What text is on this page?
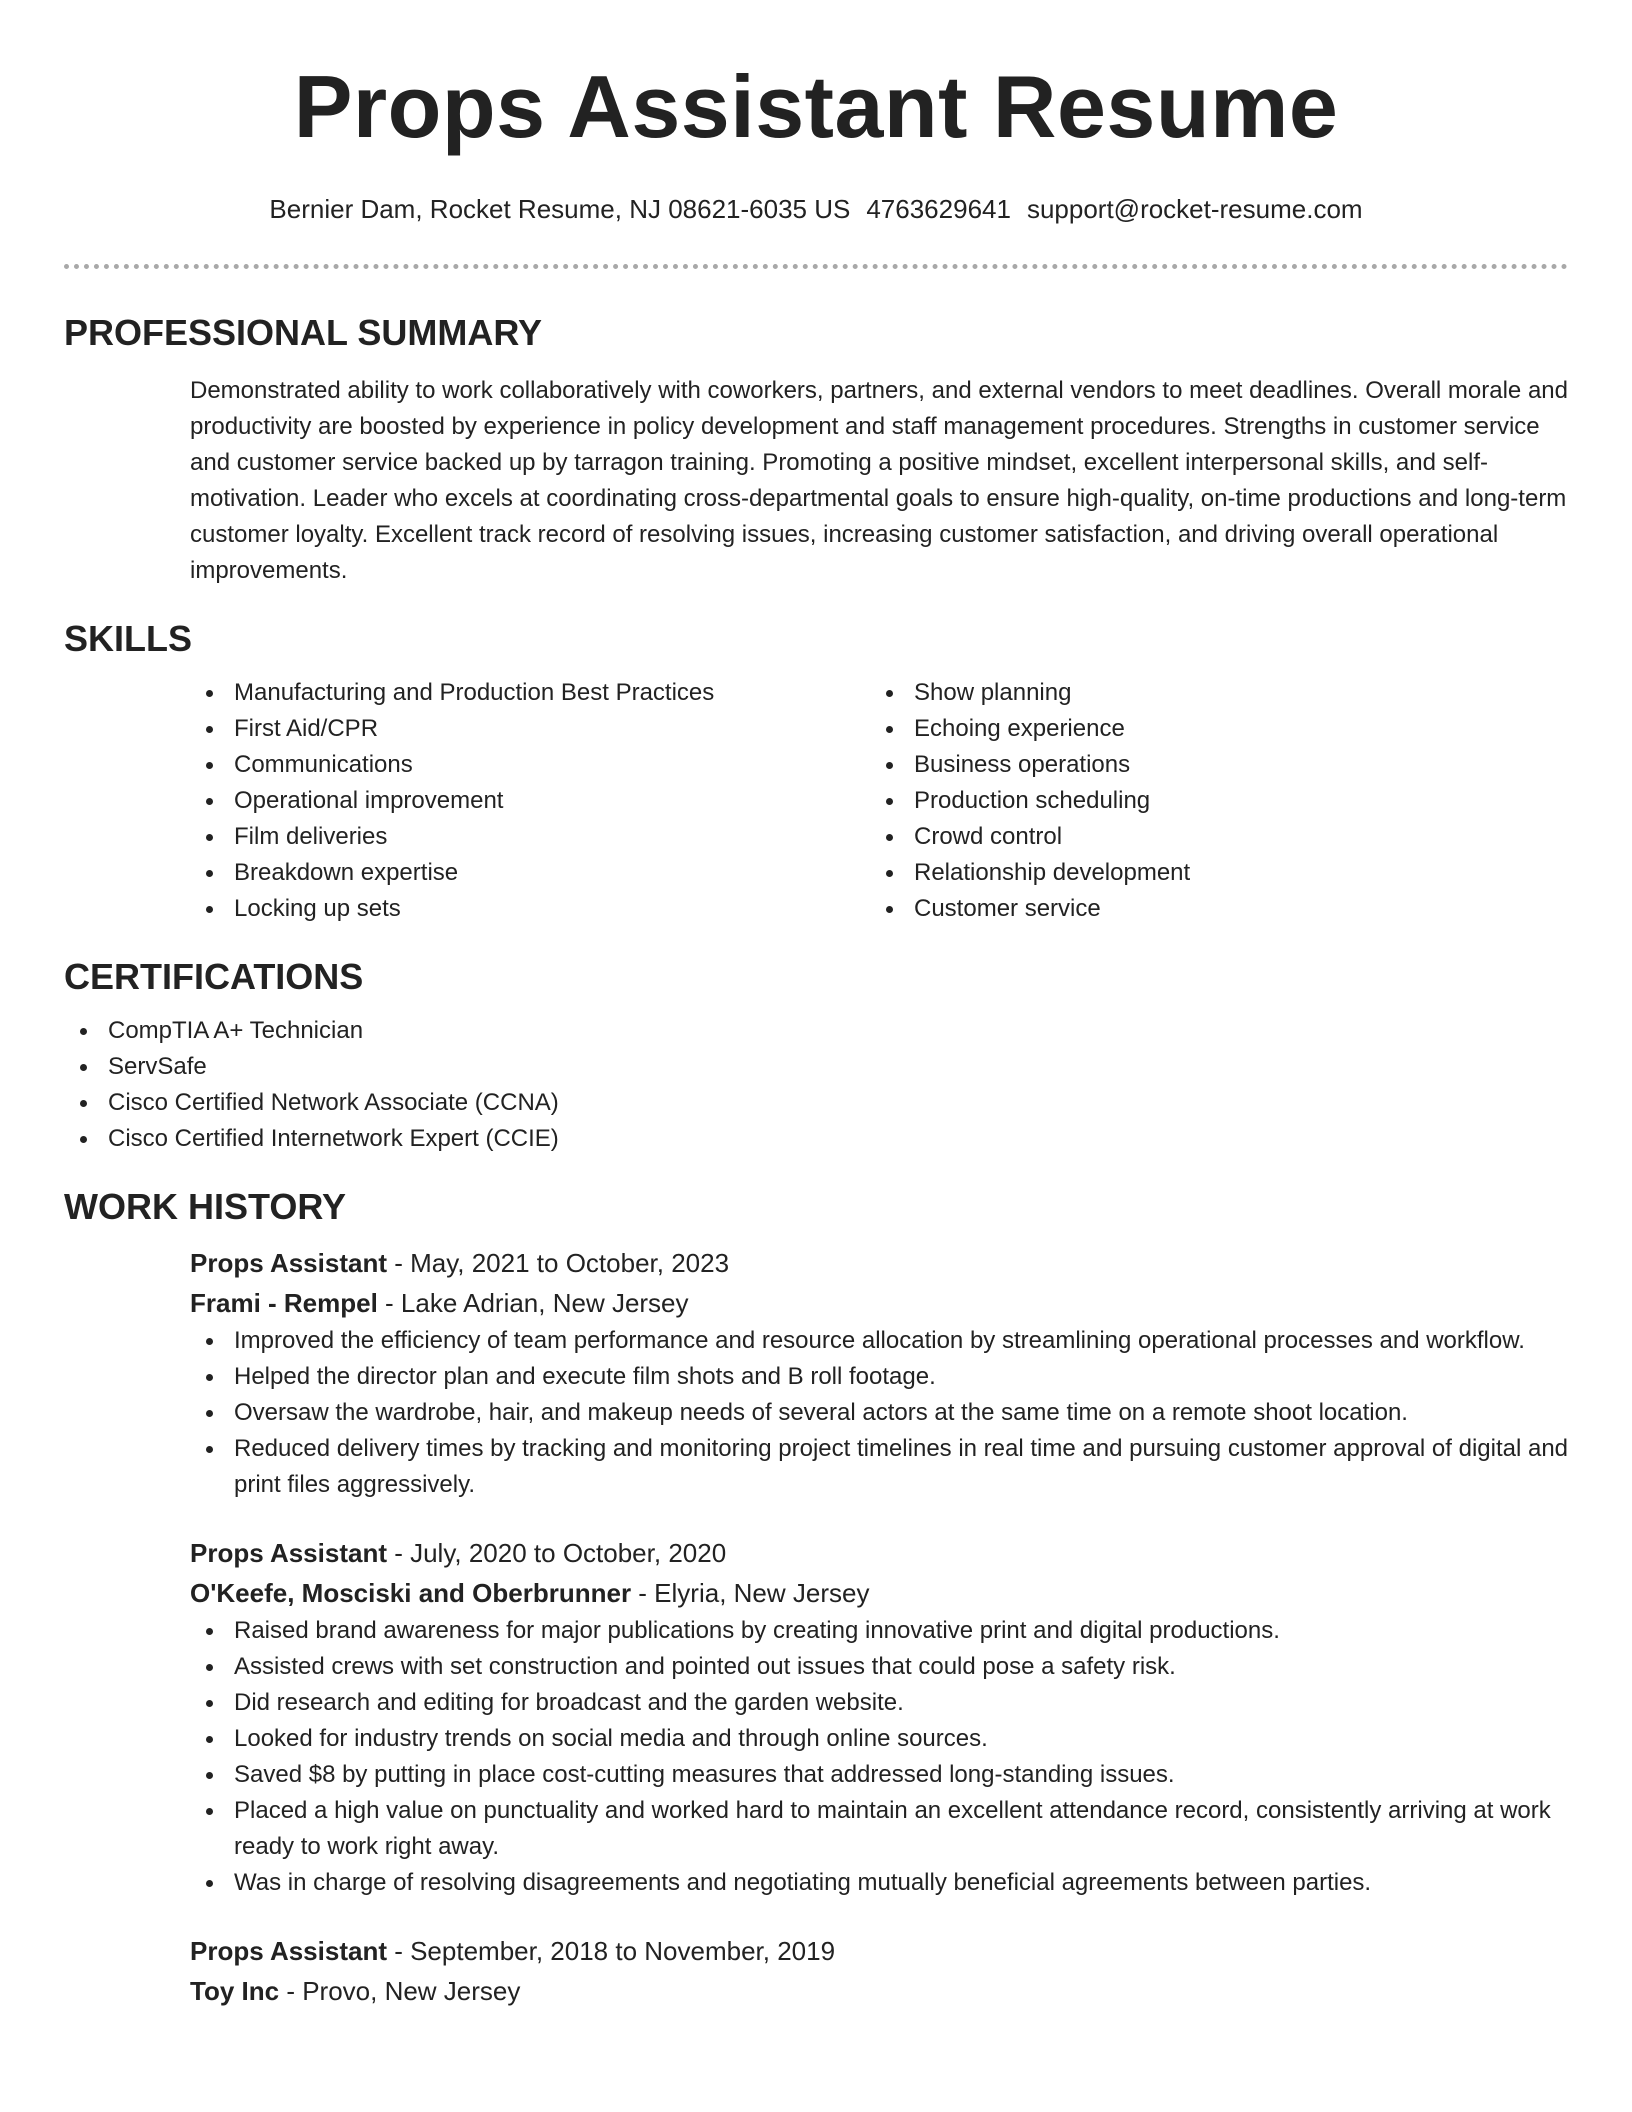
Props Assistant Resume
Bernier Dam, Rocket Resume, NJ 08621-6035 US 4763629641 support@rocket-resume.com
PROFESSIONAL SUMMARY

Demonstrated ability to work collaboratively with coworkers, partners, and external vendors to meet deadlines. Overall morale and productivity are boosted by experience in policy development and staff management procedures. Strengths in customer service and customer service backed up by tarragon training. Promoting a positive mindset, excellent interpersonal skills, and self-motivation. Leader who excels at coordinating cross-departmental goals to ensure high-quality, on-time productions and long-term customer loyalty. Excellent track record of resolving issues, increasing customer satisfaction, and driving overall operational improvements.

SKILLS
Manufacturing and Production Best Practices
First Aid/CPR
Communications
Operational improvement
Film deliveries
Breakdown expertise
Locking up sets
Show planning
Echoing experience
Business operations
Production scheduling
Crowd control
Relationship development
Customer service
CERTIFICATIONS
CompTIA A+ Technician
ServSafe
Cisco Certified Network Associate (CCNA)
Cisco Certified Internetwork Expert (CCIE)
WORK HISTORY
Props Assistant - May, 2021 to October, 2023
Frami - Rempel - Lake Adrian, New Jersey
Improved the efficiency of team performance and resource allocation by streamlining operational processes and workflow.
Helped the director plan and execute film shots and B roll footage.
Oversaw the wardrobe, hair, and makeup needs of several actors at the same time on a remote shoot location.
Reduced delivery times by tracking and monitoring project timelines in real time and pursuing customer approval of digital and print files aggressively.
Props Assistant - July, 2020 to October, 2020
O'Keefe, Mosciski and Oberbrunner - Elyria, New Jersey
Raised brand awareness for major publications by creating innovative print and digital productions.
Assisted crews with set construction and pointed out issues that could pose a safety risk.
Did research and editing for broadcast and the garden website.
Looked for industry trends on social media and through online sources.
Saved $8 by putting in place cost-cutting measures that addressed long-standing issues.
Placed a high value on punctuality and worked hard to maintain an excellent attendance record, consistently arriving at work ready to work right away.
Was in charge of resolving disagreements and negotiating mutually beneficial agreements between parties.
Props Assistant - September, 2018 to November, 2019
Toy Inc - Provo, New Jersey
